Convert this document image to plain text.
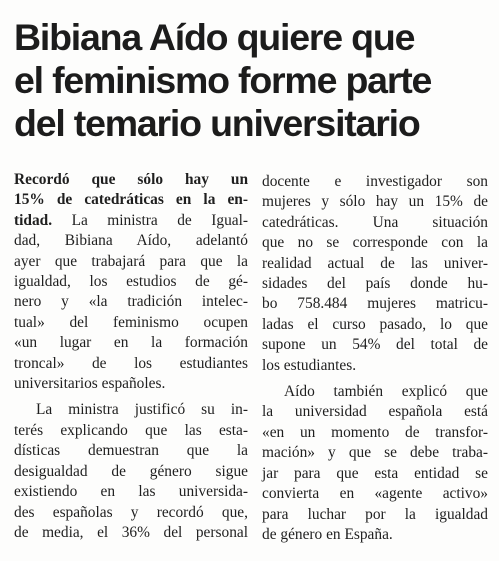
Bibiana Aído quiere que
el feminismo forme parte
del temario universitario
Recordó que sólo hay un
15% de catedráticas en la en-
tidad. La ministra de Igual-
dad, Bibiana Aído, adelantó
ayer que trabajará para que la
igualdad, los estudios de gé-
nero y «la tradición intelec-
tual» del feminismo ocupen
«un lugar en la formación
troncal» de los estudiantes
universitarios españoles.
La ministra justificó su in-
terés explicando que las esta-
dísticas demuestran que la
desigualdad de género sigue
existiendo en las universida-
des españolas y recordó que,
de media, el 36% del personal
docente e investigador son
mujeres y sólo hay un 15% de
catedráticas. Una situación
que no se corresponde con la
realidad actual de las univer-
sidades del país donde hu-
bo 758.484 mujeres matricu-
ladas el curso pasado, lo que
supone un 54% del total de
los estudiantes.
Aído también explicó que
la universidad española está
«en un momento de transfor-
mación» y que se debe traba-
jar para que esta entidad se
convierta en «agente activo»
para luchar por la igualdad
de género en España.
